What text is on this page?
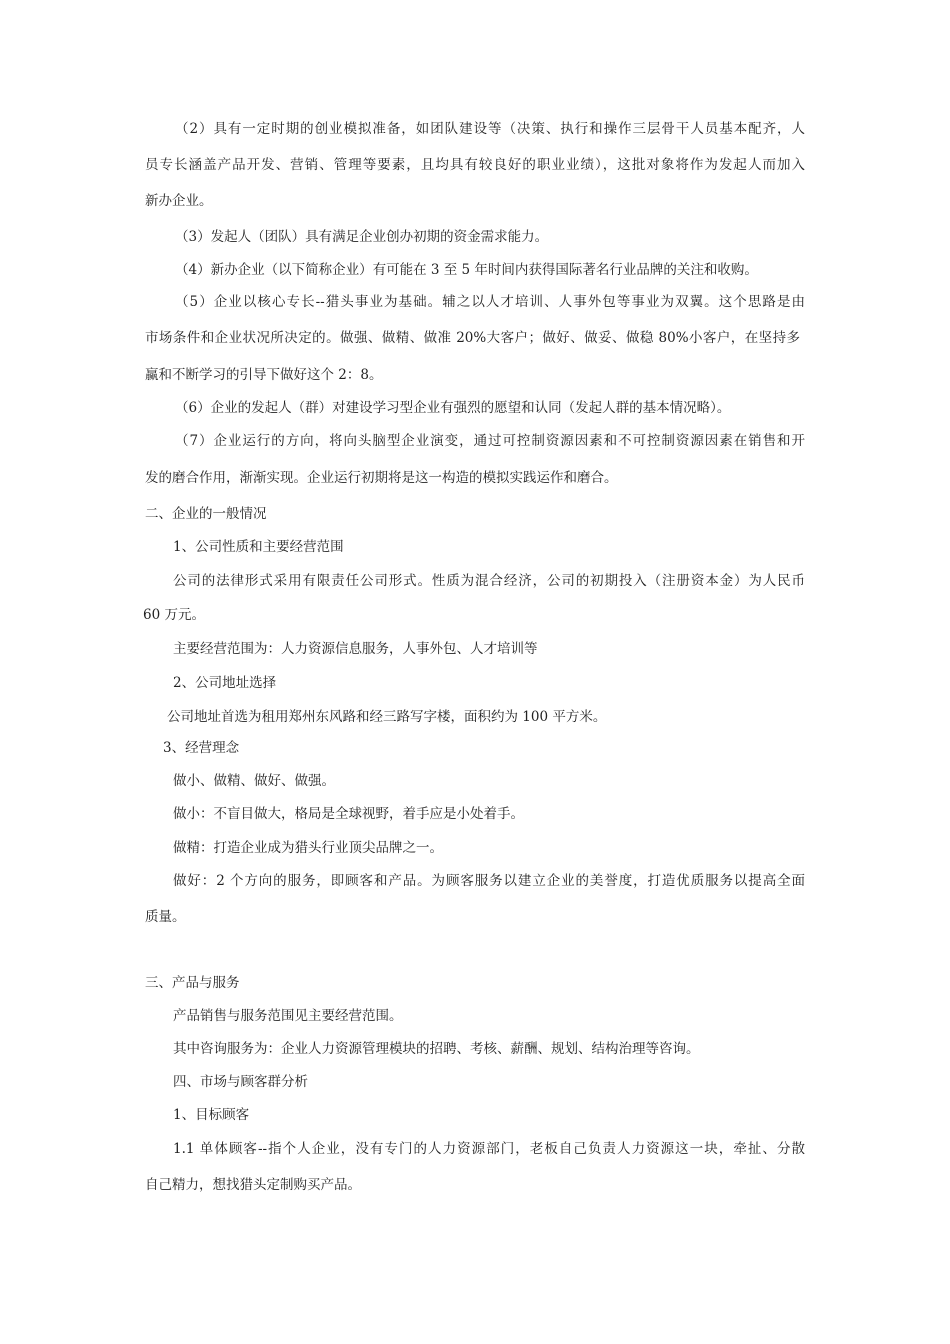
（2）具有一定时期的创业模拟准备，如团队建设等（决策、执行和操作三层骨干人员基本配齐，人
员专长涵盖产品开发、营销、管理等要素，且均具有较良好的职业业绩），这批对象将作为发起人而加入
新办企业。
（3）发起人（团队）具有满足企业创办初期的资金需求能力。
（4）新办企业（以下简称企业）有可能在 3 至 5 年时间内获得国际著名行业品牌的关注和收购。
（5）企业以核心专长--猎头事业为基础。辅之以人才培训、人事外包等事业为双翼。这个思路是由
市场条件和企业状况所决定的。做强、做精、做准 20%大客户；做好、做妥、做稳 80%小客户，在坚持多
赢和不断学习的引导下做好这个 2：8。
（6）企业的发起人（群）对建设学习型企业有强烈的愿望和认同（发起人群的基本情况略）。
（7）企业运行的方向，将向头脑型企业演变，通过可控制资源因素和不可控制资源因素在销售和开
发的磨合作用，渐渐实现。企业运行初期将是这一构造的模拟实践运作和磨合。
二、企业的一般情况
1、公司性质和主要经营范围
公司的法律形式采用有限责任公司形式。性质为混合经济，公司的初期投入（注册资本金）为人民币
60 万元。
主要经营范围为：人力资源信息服务，人事外包、人才培训等
2、公司地址选择
公司地址首选为租用郑州东风路和经三路写字楼，面积约为 100 平方米。
3、经营理念
做小、做精、做好、做强。
做小：不盲目做大，格局是全球视野，着手应是小处着手。
做精：打造企业成为猎头行业顶尖品牌之一。
做好：2 个方向的服务，即顾客和产品。为顾客服务以建立企业的美誉度，打造优质服务以提高全面
质量。
三、产品与服务
产品销售与服务范围见主要经营范围。
其中咨询服务为：企业人力资源管理模块的招聘、考核、薪酬、规划、结构治理等咨询。
四、市场与顾客群分析
1、目标顾客
1.1 单体顾客--指个人企业，没有专门的人力资源部门，老板自己负责人力资源这一块，牵扯、分散
自己精力，想找猎头定制购买产品。
